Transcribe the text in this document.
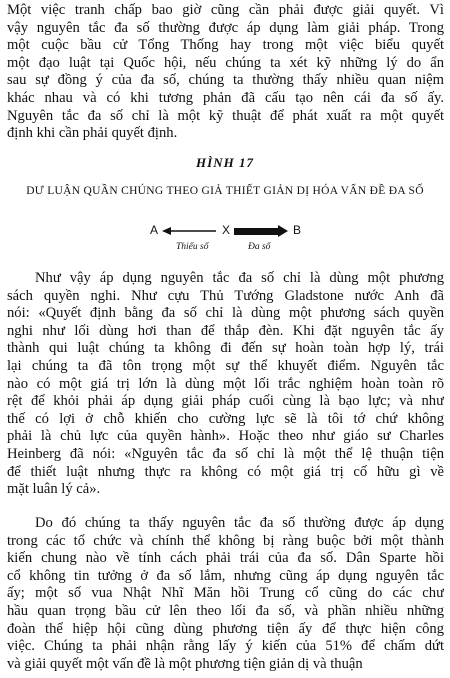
Một việc tranh chấp bao giờ cũng cần phải được giải quyết. Vì
vậy nguyên tắc đa số thường được áp dụng làm giải pháp. Trong
một cuộc bầu cử Tổng Thống hay trong một việc biểu quyết
một đạo luật tại Quốc hội, nếu chúng ta xét kỹ những lý do ẩn
sau sự đồng ý của đa số, chúng ta thường thấy nhiều quan niệm
khác nhau và có khi tương phản đã cấu tạo nên cái đa số ấy.
Nguyên tắc đa số chỉ là một kỹ thuật để phát xuất ra một quyết
định khi cần phải quyết định.
HÌNH 17
DƯ LUẬN QUẦN CHÚNG THEO GIẢ THIẾT GIẢN DỊ HÓA VẤN ĐỀ ĐA SỐ
A	X	B
Thiểu số	Đa số
Như vậy áp dụng nguyên tắc đa số chỉ là dùng một phương
sách quyền nghi. Như cựu Thủ Tướng Gladstone nước Anh đã
nói: «Quyết định bằng đa số chỉ là dùng một phương sách quyền
nghi như lối dùng hơi than để thắp đèn. Khi đặt nguyên tắc ấy
thành qui luật chúng ta không đi đến sự hoàn toàn hợp lý, trái
lại chúng ta đã tôn trọng một sự thể khuyết điểm. Nguyên tắc
nào có một giá trị lớn là dùng một lối trắc nghiệm hoàn toàn rõ
rệt để khỏi phải áp dụng giải pháp cuối cùng là bạo lực; và như
thế có lợi ở chỗ khiến cho cường lực sẽ là tôi tớ chứ không
phải là chủ lực của quyền hành». Hoặc theo như giáo sư Charles
Heinberg đã nói: «Nguyên tắc đa số chỉ là một thể lệ thuận tiện
để thiết luật nhưng thực ra không có một giá trị cố hữu gì về
mặt luân lý cả».
Do đó chúng ta thấy nguyên tắc đa số thường được áp dụng
trong các tổ chức và chính thể không bị ràng buộc bởi một thành
kiến chung nào về tính cách phải trái của đa số. Dân Sparte hồi
cổ không tin tưởng ở đa số lắm, nhưng cũng áp dụng nguyên tắc
ấy; một số vua Nhật Nhĩ Măn hồi Trung cổ cũng do các chư
hầu quan trọng bầu cử lên theo lối đa số, và phần nhiều những
đoàn thể hiệp hội cũng dùng phương tiện ấy để thực hiện công
việc. Chúng ta phải nhận rằng lấy ý kiến của 51% để chấm dứt
và giải quyết một vấn đề là một phương tiện giản dị và thuận
